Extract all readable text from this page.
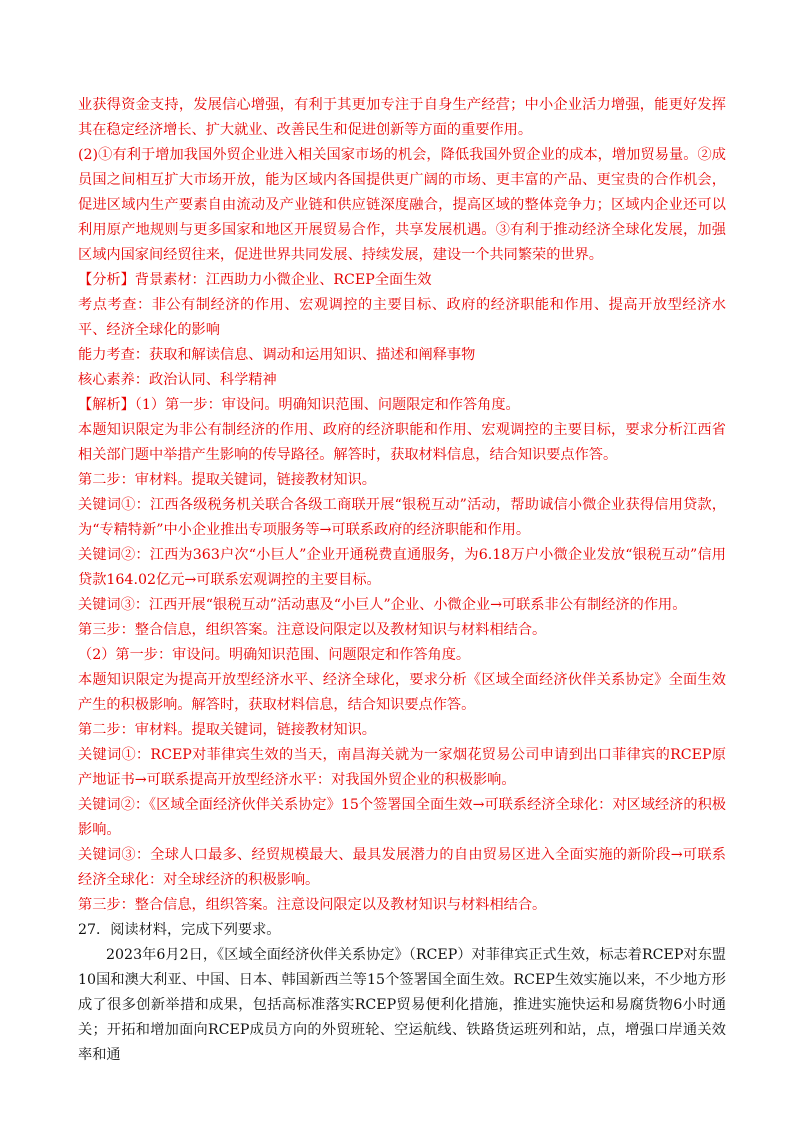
业获得资金支持，发展信心增强，有利于其更加专注于自身生产经营；中小企业活力增强，能更好发挥其在稳定经济增长、扩大就业、改善民生和促进创新等方面的重要作用。

(2)①有利于增加我国外贸企业进入相关国家市场的机会，降低我国外贸企业的成本，增加贸易量。②成员国之间相互扩大市场开放，能为区域内各国提供更广阔的市场、更丰富的产品、更宝贵的合作机会，促进区域内生产要素自由流动及产业链和供应链深度融合，提高区域的整体竞争力；区域内企业还可以利用原产地规则与更多国家和地区开展贸易合作，共享发展机遇。③有利于推动经济全球化发展，加强区域内国家间经贸往来，促进世界共同发展、持续发展，建设一个共同繁荣的世界。

【分析】背景素材：江西助力小微企业、RCEP全面生效

考点考查：非公有制经济的作用、宏观调控的主要目标、政府的经济职能和作用、提高开放型经济水平、经济全球化的影响

能力考查：获取和解读信息、调动和运用知识、描述和阐释事物

核心素养：政治认同、科学精神

【解析】（1）第一步：审设问。明确知识范围、问题限定和作答角度。

本题知识限定为非公有制经济的作用、政府的经济职能和作用、宏观调控的主要目标，要求分析江西省相关部门题中举措产生影响的传导路径。解答时，获取材料信息，结合知识要点作答。

第二步：审材料。提取关键词，链接教材知识。

关键词①：江西各级税务机关联合各级工商联开展“银税互动”活动，帮助诚信小微企业获得信用贷款，为“专精特新”中小企业推出专项服务等→可联系政府的经济职能和作用。

关键词②：江西为363户次“小巨人”企业开通税费直通服务，为6.18万户小微企业发放“银税互动”信用贷款164.02亿元→可联系宏观调控的主要目标。

关键词③：江西开展“银税互动”活动惠及“小巨人”企业、小微企业→可联系非公有制经济的作用。

第三步：整合信息，组织答案。注意设问限定以及教材知识与材料相结合。

（2）第一步：审设问。明确知识范围、问题限定和作答角度。

本题知识限定为提高开放型经济水平、经济全球化，要求分析《区域全面经济伙伴关系协定》全面生效产生的积极影响。解答时，获取材料信息，结合知识要点作答。

第二步：审材料。提取关键词，链接教材知识。

关键词①：RCEP对菲律宾生效的当天，南昌海关就为一家烟花贸易公司申请到出口菲律宾的RCEP原产地证书→可联系提高开放型经济水平：对我国外贸企业的积极影响。

关键词②：《区域全面经济伙伴关系协定》15个签署国全面生效→可联系经济全球化：对区域经济的积极影响。

关键词③：全球人口最多、经贸规模最大、最具发展潜力的自由贸易区进入全面实施的新阶段→可联系经济全球化：对全球经济的积极影响。

第三步：整合信息，组织答案。注意设问限定以及教材知识与材料相结合。

27．阅读材料，完成下列要求。

2023年6月2日，《区域全面经济伙伴关系协定》（RCEP）对菲律宾正式生效，标志着RCEP对东盟10国和澳大利亚、中国、日本、韩国新西兰等15个签署国全面生效。RCEP生效实施以来，不少地方形成了很多创新举措和成果，包括高标准落实RCEP贸易便利化措施，推进实施快运和易腐货物6小时通关；开拓和增加面向RCEP成员方向的外贸班轮、空运航线、铁路货运班列和站，点，增强口岸通关效率和通
